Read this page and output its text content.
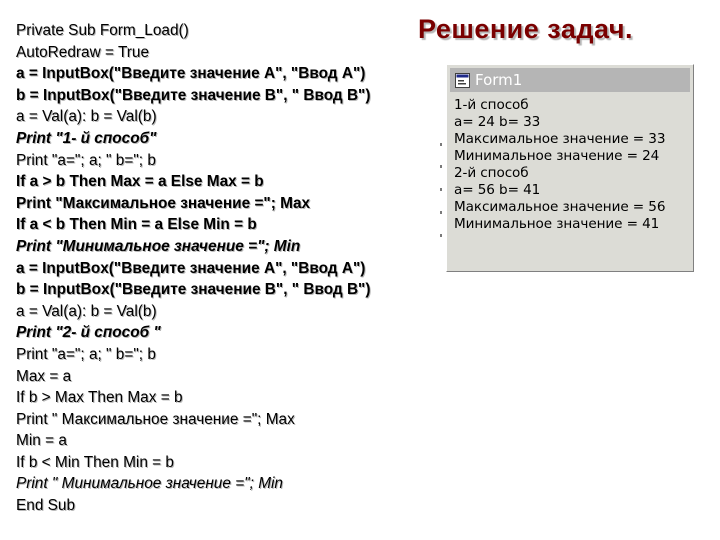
Решение задач.
Private Sub Form_Load()
AutoRedraw = True
a = InputBox("Введите значение A", "Ввод A")
b = InputBox("Введите значение B", " Ввод B")
a = Val(a): b = Val(b)
Print "1- й способ"
Print "a="; a; " b="; b
If a > b Then Max = a Else Max = b
Print "Максимальное значение ="; Max
If a < b Then Min = a Else Min = b
Print "Минимальное значение ="; Min
a = InputBox("Введите значение A", "Ввод A")
b = InputBox("Введите значение B", " Ввод B")
a = Val(a): b = Val(b)
Print "2- й способ "
Print "a="; a; " b="; b
Max = a
If b > Max Then Max = b
Print " Максимальное значение ="; Max
Min = a
If b < Min Then Min = b
Print " Минимальное значение ="; Min
End Sub
Form1
1-й способ
a= 24 b= 33
Максимальное значение = 33
Минимальное значение = 24
2-й способ
a= 56 b= 41
Максимальное значение = 56
Минимальное значение = 41
